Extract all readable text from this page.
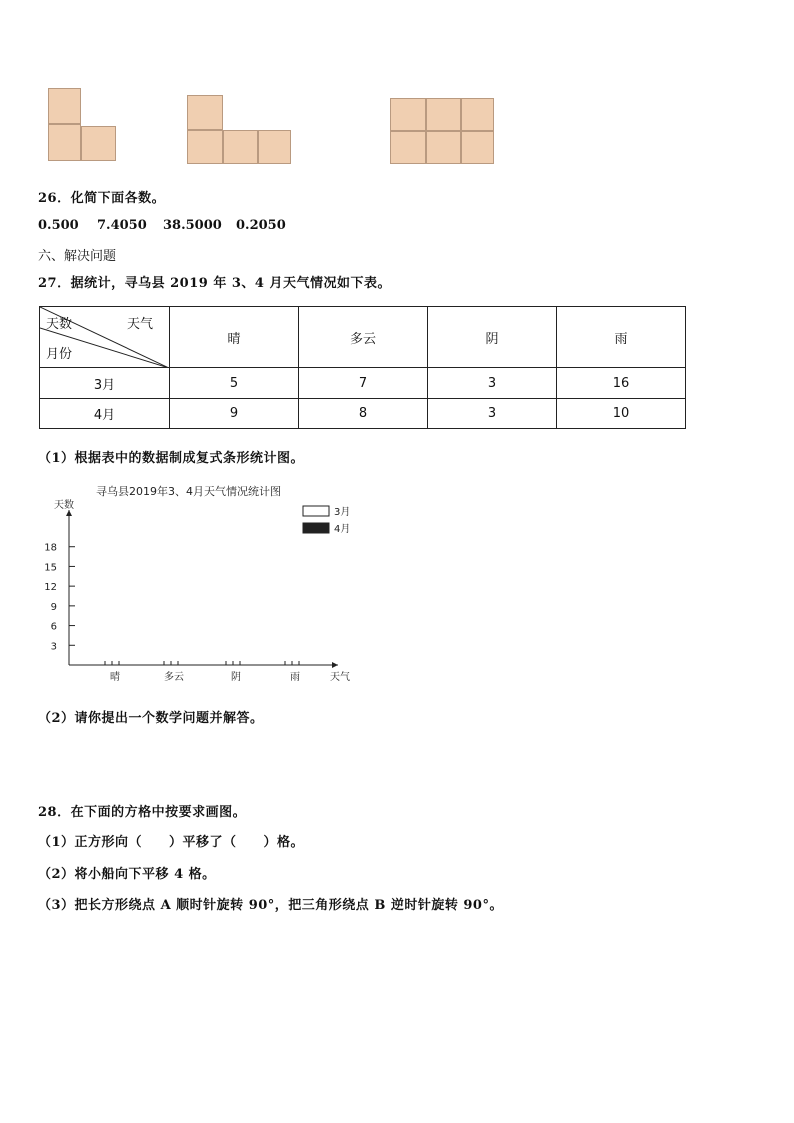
26．化简下面各数。
0.500 7.4050 38.5000 0.2050
六、解决问题
27．据统计，寻乌县 2019 年 3、4 月天气情况如下表。
天数 天气
月份	晴	多云	阴	雨
3月	5	7	3	16
4月	9	8	3	10
（1）根据表中的数据制成复式条形统计图。
寻乌县2019年3、4月天气情况统计图
天数
3
6
9
12
15
18
晴	多云	阴	雨	天气
3月
4月
（2）请你提出一个数学问题并解答。
28．在下面的方格中按要求画图。
（1）正方形向（　　）平移了（　　）格。
（2）将小船向下平移 4 格。
（3）把长方形绕点 A 顺时针旋转 90°，把三角形绕点 B 逆时针旋转 90°。
